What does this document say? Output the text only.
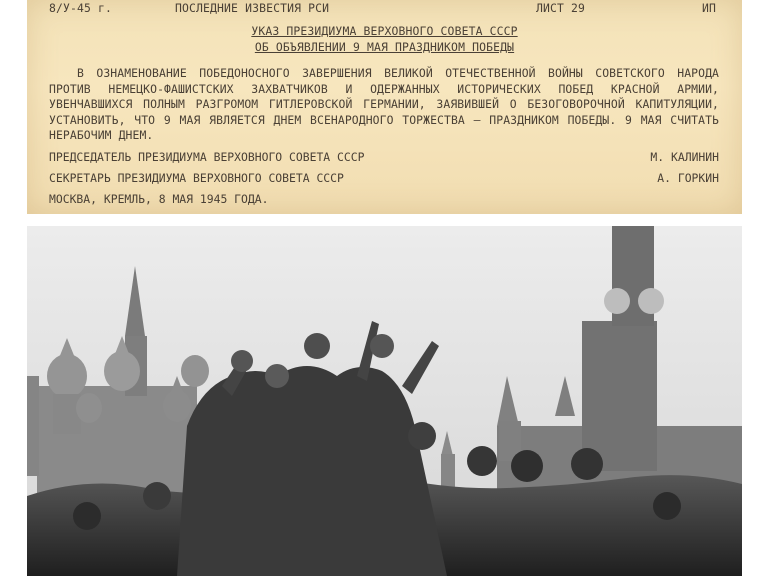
8/У-45 г.	ПОСЛЕДНИЕ ИЗВЕСТИЯ РСИ	ЛИСТ 29	ИП
УКАЗ ПРЕЗИДИУМА ВЕРХОВНОГО СОВЕТА СССР
ОБ ОБЪЯВЛЕНИИ 9 МАЯ ПРАЗДНИКОМ ПОБЕДЫ
В ОЗНАМЕНОВАНИЕ ПОБЕДОНОСНОГО ЗАВЕРШЕНИЯ ВЕЛИКОЙ ОТЕЧЕСТВЕННОЙ ВОЙНЫ СОВЕТСКОГО НАРОДА ПРОТИВ НЕМЕЦКО-ФАШИСТСКИХ ЗАХВАТЧИКОВ И ОДЕРЖАННЫХ ИСТОРИЧЕСКИХ ПОБЕД КРАСНОЙ АРМИИ, УВЕНЧАВШИХСЯ ПОЛНЫМ РАЗГРОМОМ ГИТЛЕРОВСКОЙ ГЕРМАНИИ, ЗАЯВИВШЕЙ О БЕЗОГОВОРОЧНОЙ КАПИТУЛЯЦИИ, УСТАНОВИТЬ, ЧТО 9 МАЯ ЯВЛЯЕТСЯ ДНЕМ ВСЕНАРОДНОГО ТОРЖЕСТВА – ПРАЗДНИКОМ ПОБЕДЫ. 9 МАЯ СЧИТАТЬ НЕРАБОЧИМ ДНЕМ.
ПРЕДСЕДАТЕЛЬ ПРЕЗИДИУМА ВЕРХОВНОГО СОВЕТА СССР	М. КАЛИНИН
СЕКРЕТАРЬ ПРЕЗИДИУМА ВЕРХОВНОГО СОВЕТА СССР	А. ГОРКИН
МОСКВА, КРЕМЛЬ, 8 МАЯ 1945 ГОДА.
